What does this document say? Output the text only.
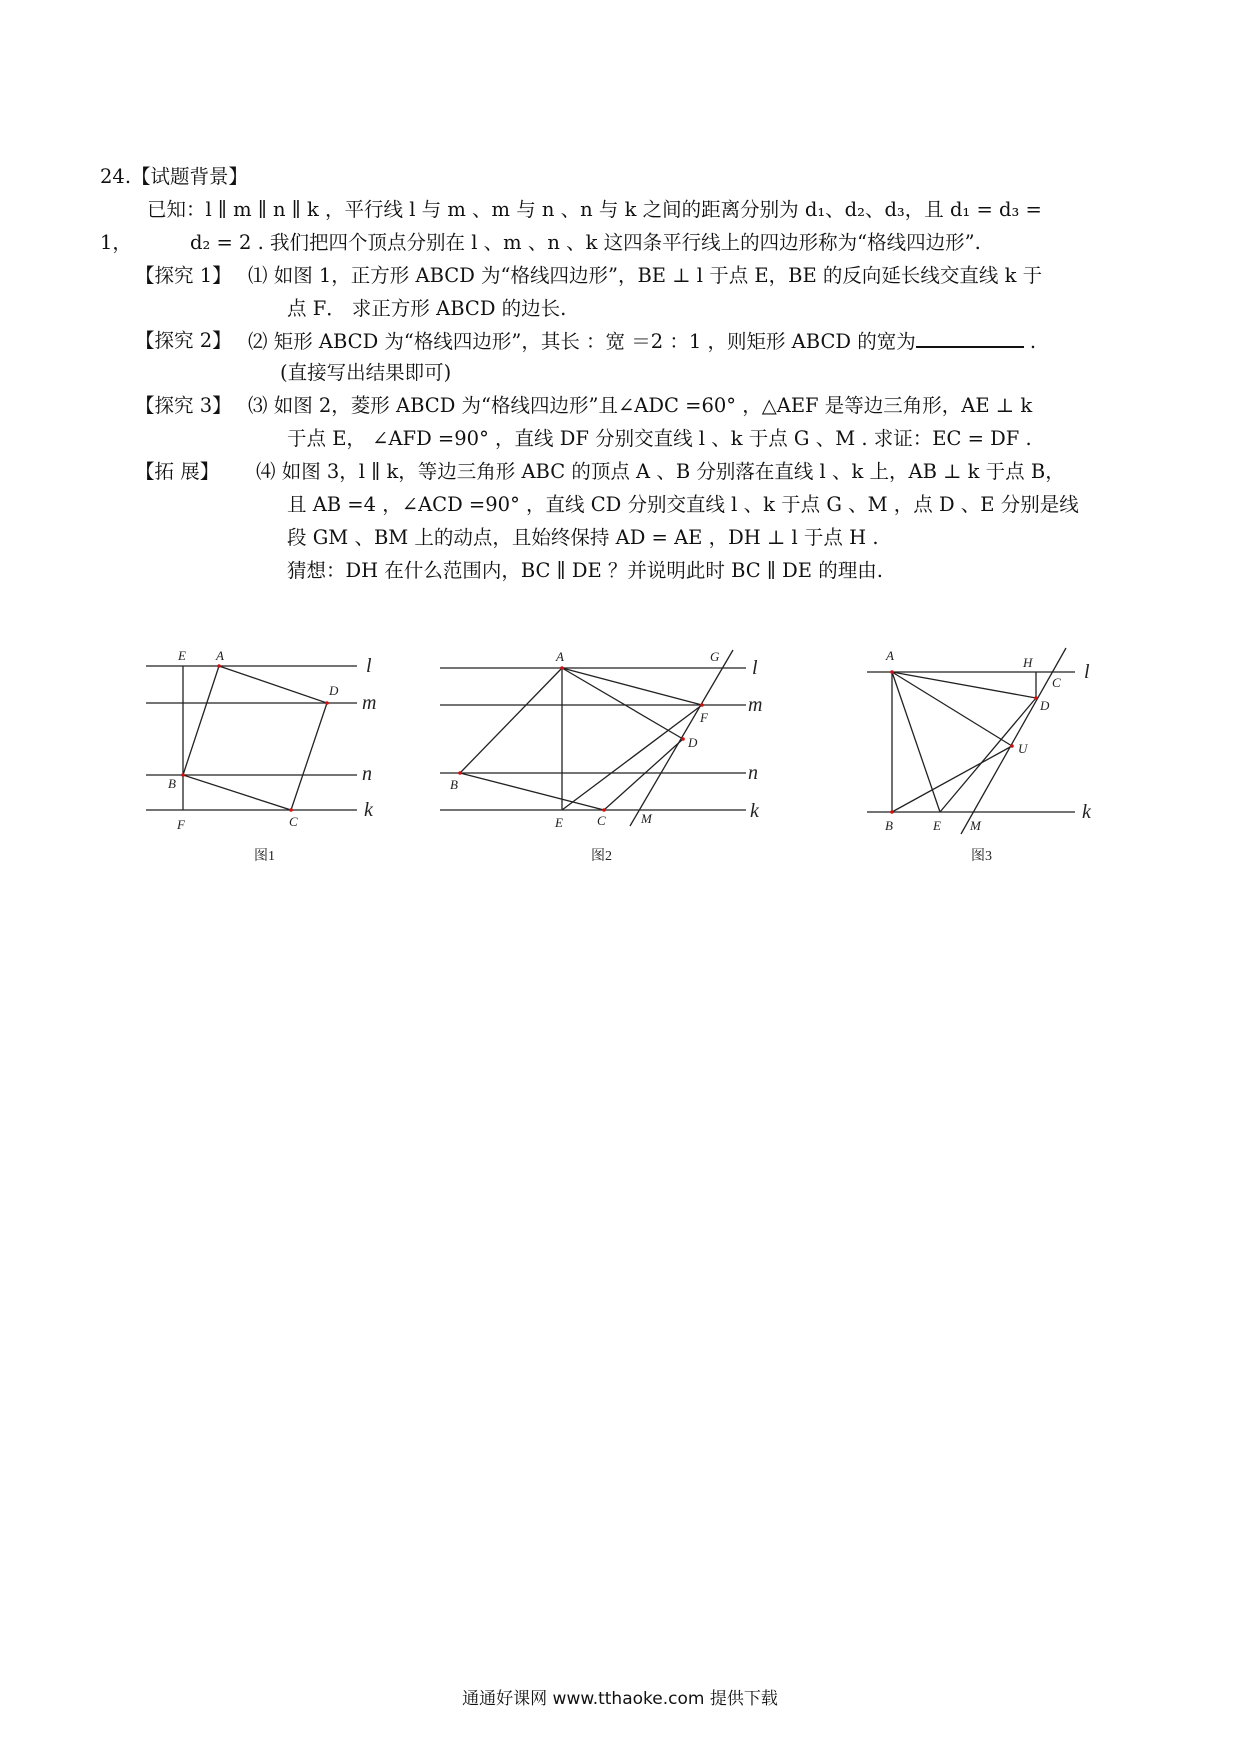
24.【试题背景】
已知：l ∥ m ∥ n ∥ k ，平行线 l 与 m 、m 与 n 、n 与 k 之间的距离分别为 d₁、d₂、d₃，且 d₁ = d₃ =
1，	d₂ = 2 . 我们把四个顶点分别在 l 、m 、n 、k 这四条平行线上的四边形称为“格线四边形”.
【探究 1】 ⑴ 如图 1，正方形 ABCD 为“格线四边形”，BE ⊥ l 于点 E，BE 的反向延长线交直线 k 于
点 F． 求正方形 ABCD 的边长.
【探究 2】 ⑵ 矩形 ABCD 为“格线四边形”，其长 ：宽 ＝2 ：1 ，则矩形 ABCD 的宽为	.
(直接写出结果即可)
【探究 3】 ⑶ 如图 2，菱形 ABCD 为“格线四边形”且∠ADC =60° ，△AEF 是等边三角形，AE ⊥ k
于点 E， ∠AFD =90° ，直线 DF 分别交直线 l 、k 于点 G 、M . 求证：EC = DF .
【拓 展】 ⑷ 如图 3，l ∥ k，等边三角形 ABC 的顶点 A 、B 分别落在直线 l 、k 上，AB ⊥ k 于点 B，
且 AB =4 ，∠ACD =90° ，直线 CD 分别交直线 l 、k 于点 G 、M ，点 D 、E 分别是线
段 GM 、BM 上的动点，且始终保持 AD = AE ，DH ⊥ l 于点 H .
猜想：DH 在什么范围内，BC ∥ DE ？并说明此时 BC ∥ DE 的理由.
E A
D
B
F	C
l
m
n
k
A	G
F
D
B
E	C	M
l
m
n
k
A	H
C
D
U
B	E M
l
k
图1	图2	图3
通通好课网 www.tthaoke.com 提供下载
